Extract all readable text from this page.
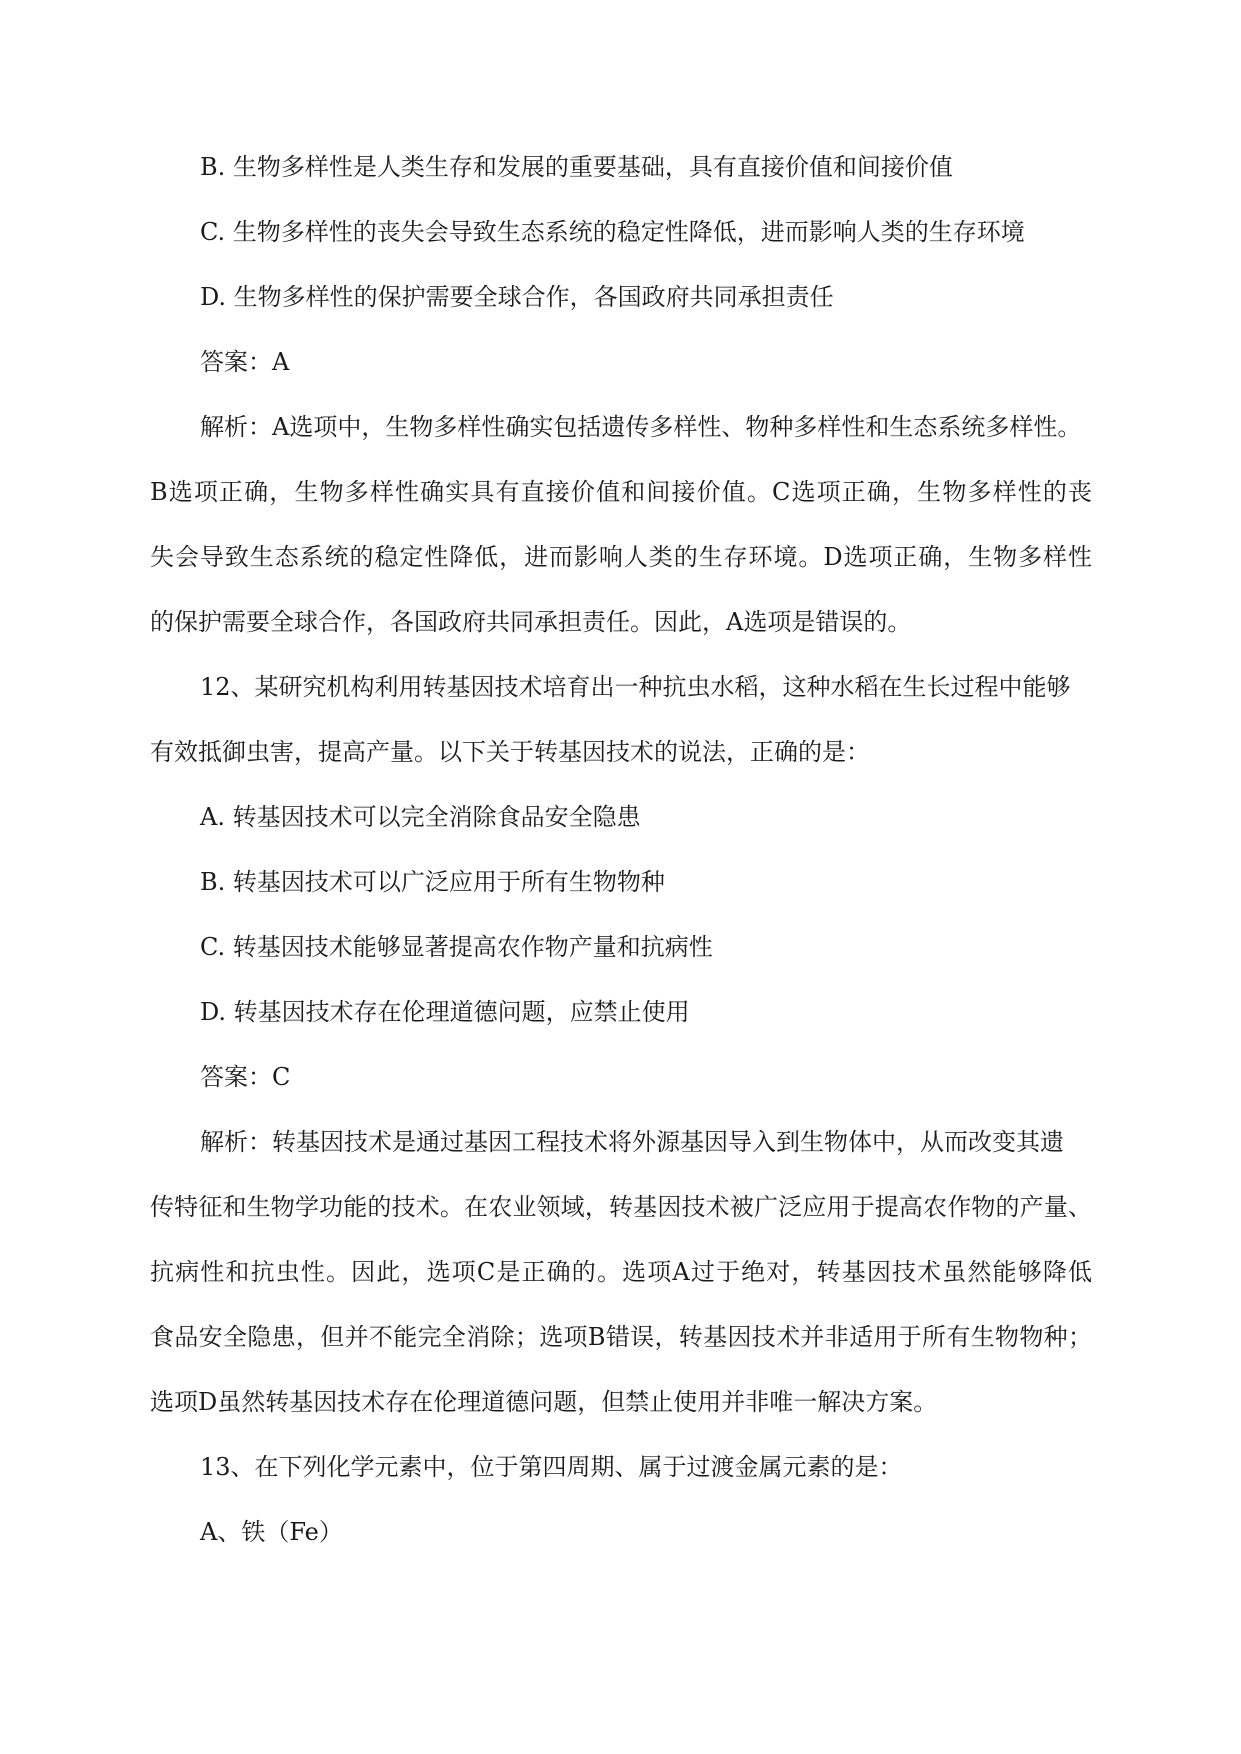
B. 生物多样性是人类生存和发展的重要基础，具有直接价值和间接价值
C. 生物多样性的丧失会导致生态系统的稳定性降低，进而影响人类的生存环境
D. 生物多样性的保护需要全球合作，各国政府共同承担责任
答案：A
解析：A选项中，生物多样性确实包括遗传多样性、物种多样性和生态系统多样性。
B选项正确，生物多样性确实具有直接价值和间接价值。C选项正确，生物多样性的丧
失会导致生态系统的稳定性降低，进而影响人类的生存环境。D选项正确，生物多样性
的保护需要全球合作，各国政府共同承担责任。因此，A选项是错误的。
12、某研究机构利用转基因技术培育出一种抗虫水稻，这种水稻在生长过程中能够
有效抵御虫害，提高产量。以下关于转基因技术的说法，正确的是：
A. 转基因技术可以完全消除食品安全隐患
B. 转基因技术可以广泛应用于所有生物物种
C. 转基因技术能够显著提高农作物产量和抗病性
D. 转基因技术存在伦理道德问题，应禁止使用
答案：C
解析：转基因技术是通过基因工程技术将外源基因导入到生物体中，从而改变其遗
传特征和生物学功能的技术。在农业领域，转基因技术被广泛应用于提高农作物的产量、
抗病性和抗虫性。因此，选项C是正确的。选项A过于绝对，转基因技术虽然能够降低
食品安全隐患，但并不能完全消除；选项B错误，转基因技术并非适用于所有生物物种；
选项D虽然转基因技术存在伦理道德问题，但禁止使用并非唯一解决方案。
13、在下列化学元素中，位于第四周期、属于过渡金属元素的是：
A、铁（Fe）
